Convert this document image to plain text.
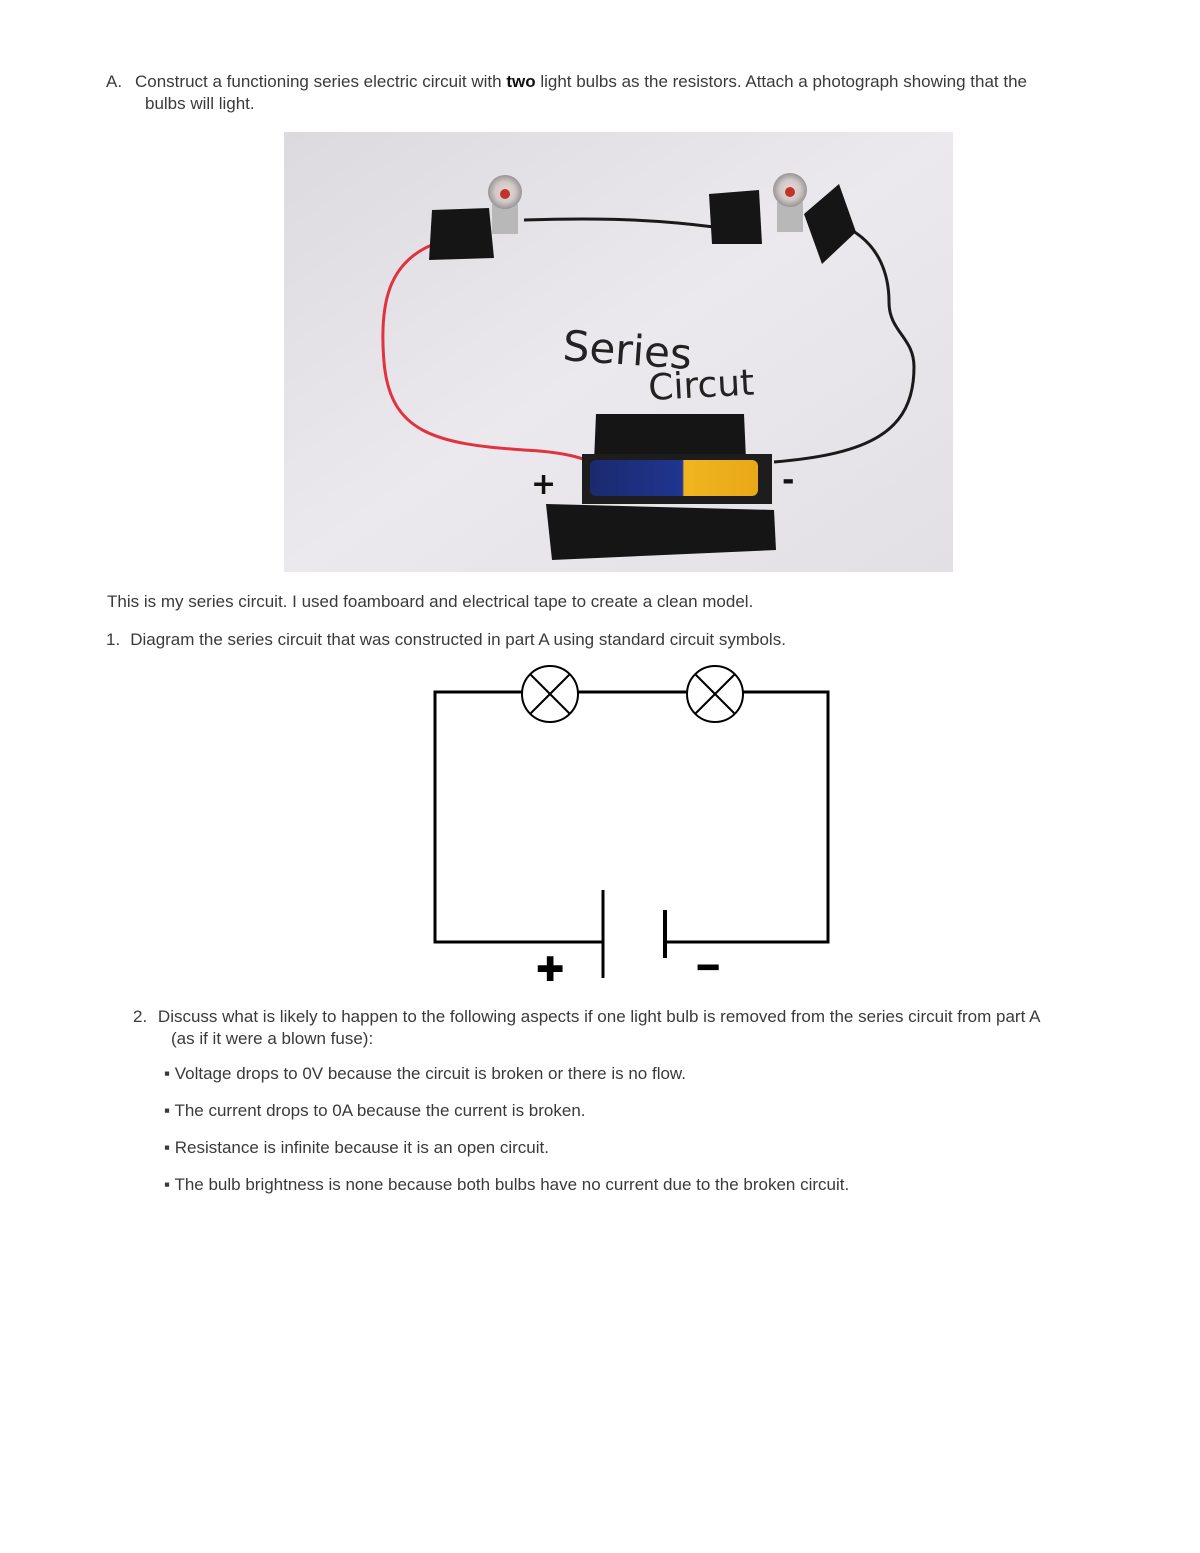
A. Construct a functioning series electric circuit with two light bulbs as the resistors. Attach a photograph showing that the
bulbs will light.
Series
Circut
+	-
This is my series circuit. I used foamboard and electrical tape to create a clean model.
1. Diagram the series circuit that was constructed in part A using standard circuit symbols.
✚	━
2. Discuss what is likely to happen to the following aspects if one light bulb is removed from the series circuit from part A
(as if it were a blown fuse):
▪ Voltage drops to 0V because the circuit is broken or there is no flow.
▪ The current drops to 0A because the current is broken.
▪ Resistance is infinite because it is an open circuit.
▪ The bulb brightness is none because both bulbs have no current due to the broken circuit.
